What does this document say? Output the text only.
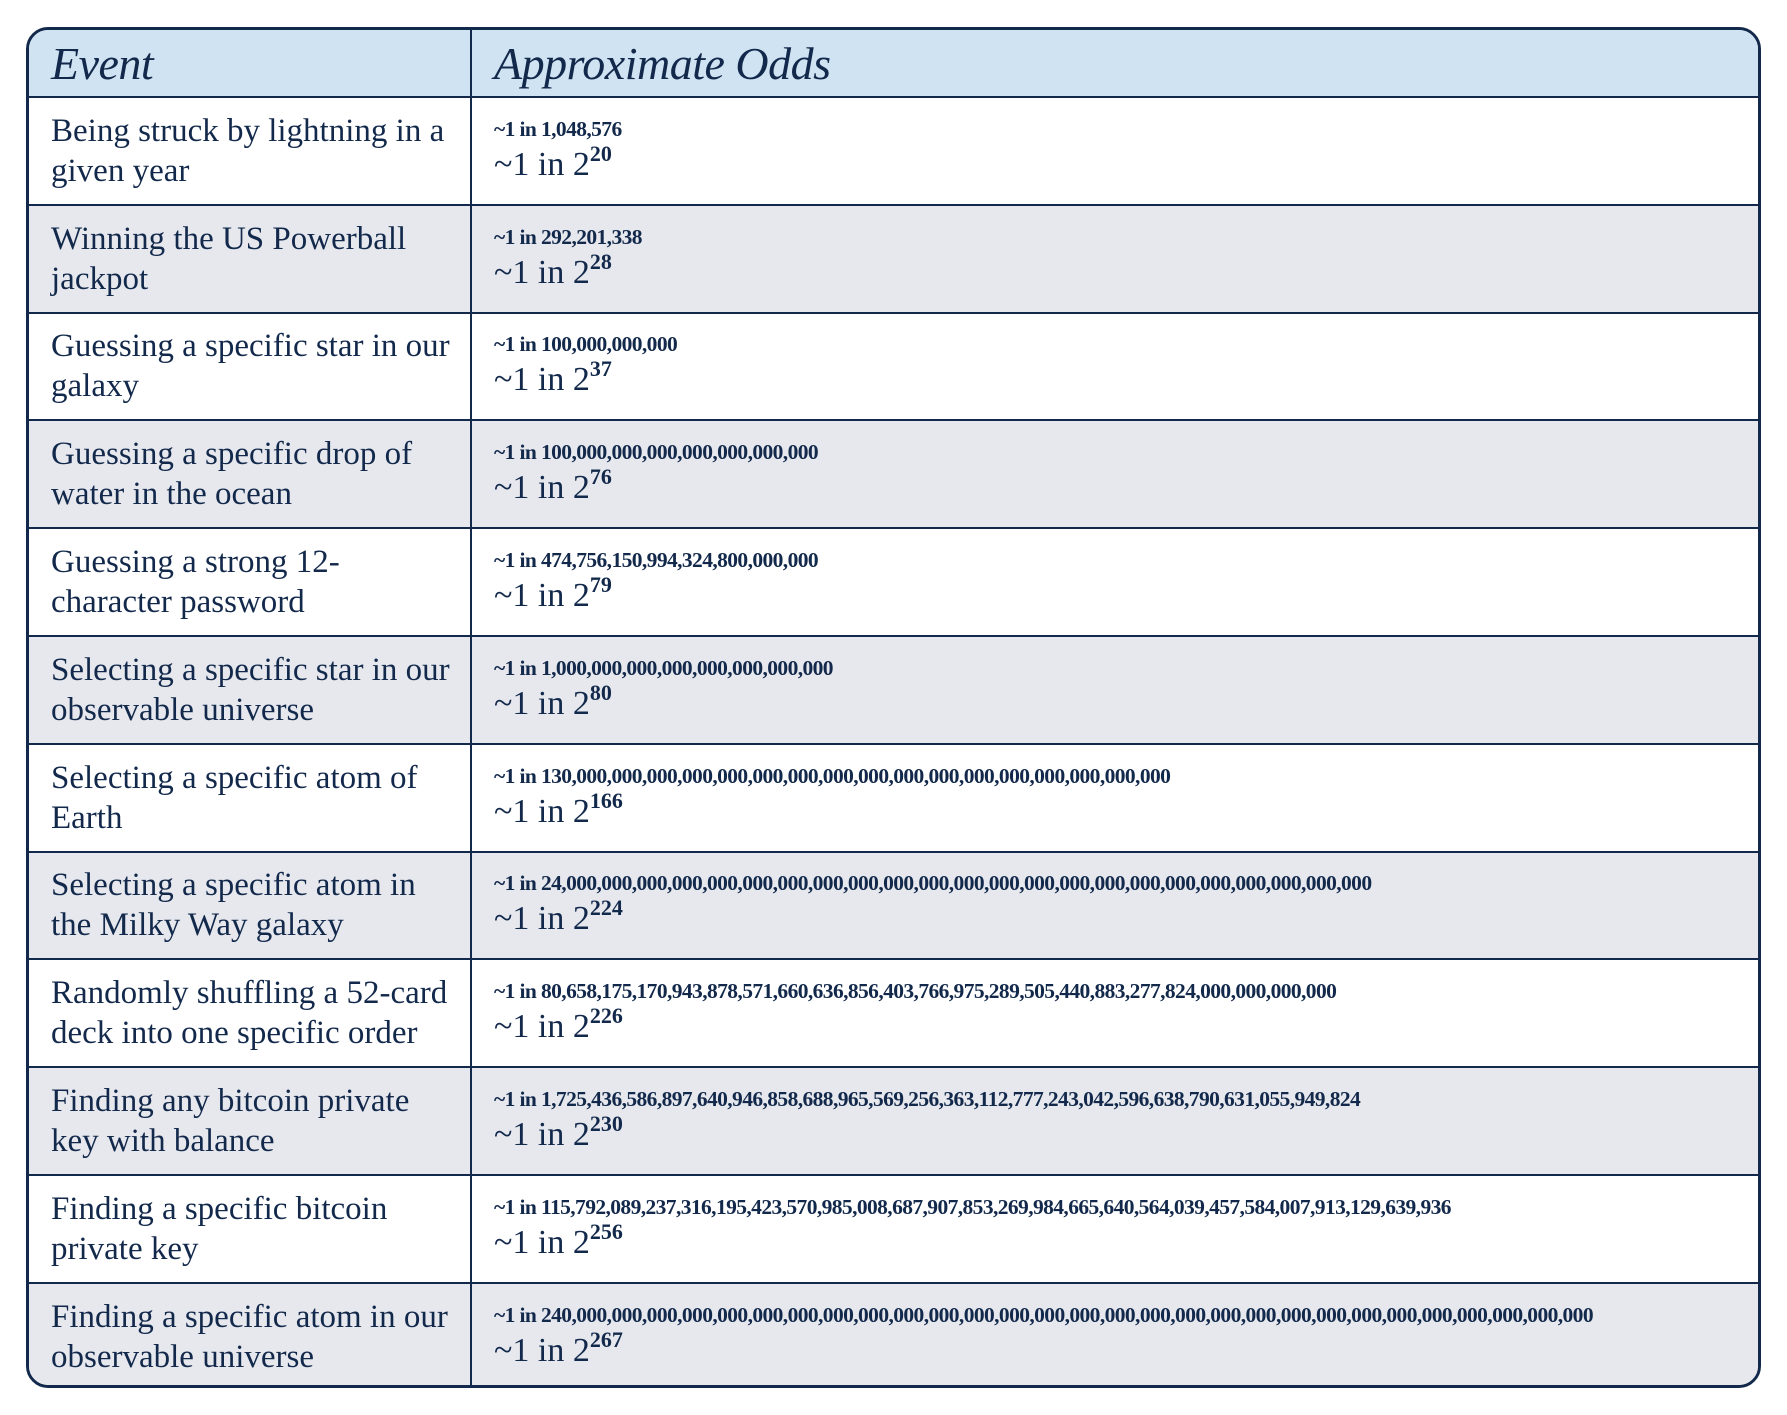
Event	Approximate Odds
Being struck by lightning in a given year	~1 in 1,048,576
~1 in $2^{20}$

Winning the US Powerball jackpot	~1 in 292,201,338
~1 in $2^{28}$

Guessing a specific star in our galaxy	~1 in 100,000,000,000
~1 in $2^{37}$

Guessing a specific drop of water in the ocean	~1 in 100,000,000,000,000,000,000,000
~1 in $2^{76}$

Guessing a strong 12-character password	~1 in 474,756,150,994,324,800,000,000
~1 in $2^{79}$

Selecting a specific star in our observable universe	~1 in 1,000,000,000,000,000,000,000,000
~1 in $2^{80}$

Selecting a specific atom of Earth	~1 in 130,000,000,000,000,000,000,000,000,000,000,000,000,000,000,000,000,000
~1 in $2^{166}$

Selecting a specific atom in the Milky Way galaxy	~1 in 24,000,000,000,000,000,000,000,000,000,000,000,000,000,000,000,000,000,000,000,000,000,000,000
~1 in $2^{224}$

Randomly shuffling a 52-card deck into one specific order	~1 in 80,658,175,170,943,878,571,660,636,856,403,766,975,289,505,440,883,277,824,000,000,000,000
~1 in $2^{226}$

Finding any bitcoin private key with balance	~1 in 1,725,436,586,897,640,946,858,688,965,569,256,363,112,777,243,042,596,638,790,631,055,949,824
~1 in $2^{230}$

Finding a specific bitcoin private key	~1 in 115,792,089,237,316,195,423,570,985,008,687,907,853,269,984,665,640,564,039,457,584,007,913,129,639,936
~1 in $2^{256}$

Finding a specific atom in our observable universe	~1 in 240,000,000,000,000,000,000,000,000,000,000,000,000,000,000,000,000,000,000,000,000,000,000,000,000,000,000,000,000,000
~1 in $2^{267}$
